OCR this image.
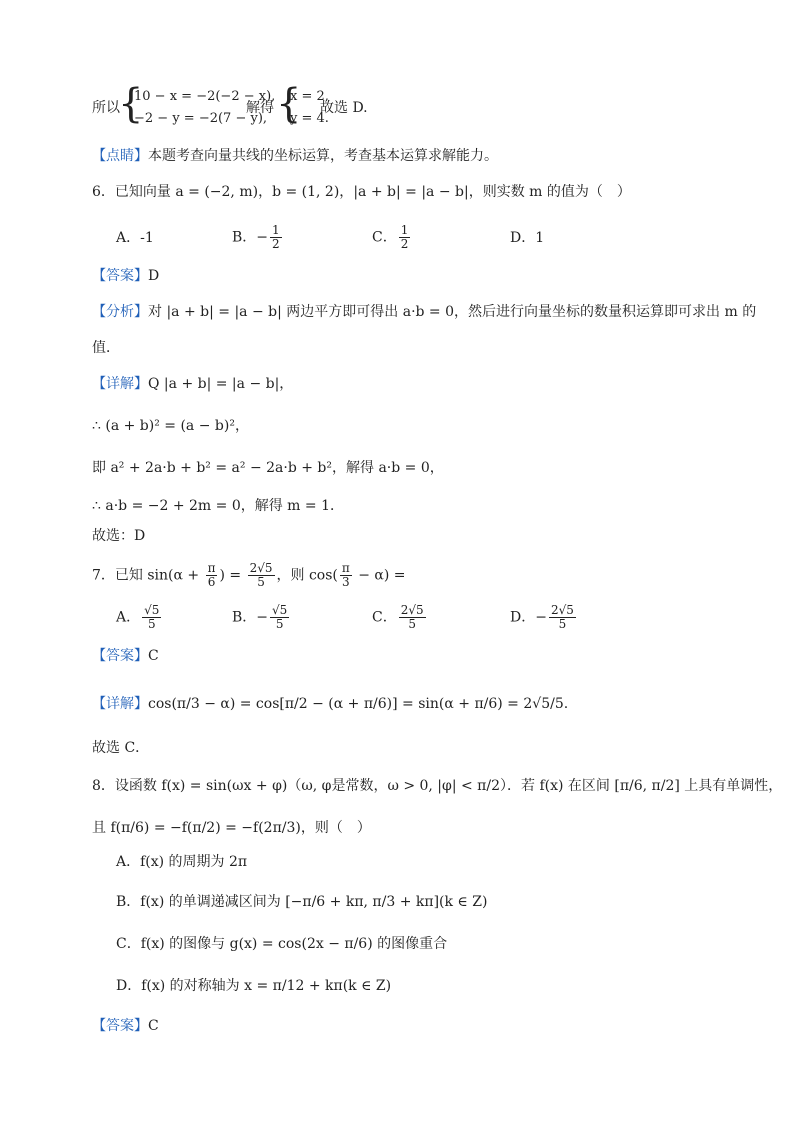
所以
{
10 − x = −2(−2 − x),
−2 − y = −2(7 − y),
解得 {
x = 2,
y = 4.
故选 D.
【点睛】本题考查向量共线的坐标运算，考查基本运算求解能力。
6．已知向量 a = (−2, m)，b = (1, 2)，|a + b| = |a − b|，则实数 m 的值为（　）
A．-1	B．− $\frac{1}{2}$	C． $\frac{1}{2}$	D．1
【答案】D
【分析】对 |a + b| = |a − b| 两边平方即可得出 a·b = 0，然后进行向量坐标的数量积运算即可求出 m 的
值．
【详解】Q |a + b| = |a − b|，
∴ (a + b)² = (a − b)²，
即 a² + 2a·b + b² = a² − 2a·b + b²，解得 a·b = 0，
∴ a·b = −2 + 2m = 0，解得 m = 1．
故选：D
7．已知 $\sin(\alpha + \frac{\pi}{6}$ ) = $\frac{2√5}{5}$ ，则 $\cos( \frac{\pi}{3} - \alpha)$ =
A． $\frac{√5}{5}$	B．− $\frac{√5}{5}$	C． $\frac{2√5}{5}$	D．− $\frac{2√5}{5}$
【答案】C
【详解】cos(π/3 − α) = cos[π/2 − (α + π/6)] = sin(α + π/6) = 2√5/5.
故选 C．
8．设函数 f(x) = sin(ωx + φ)（ω, φ是常数，ω > 0, |φ| < π/2）．若 f(x) 在区间 [π/6, π/2] 上具有单调性，
且 f(π/6) = −f(π/2) = −f(2π/3)，则（　）
A．f(x) 的周期为 2π
B．f(x) 的单调递减区间为 [−π/6 + kπ, π/3 + kπ](k ∈ Z)
C．f(x) 的图像与 g(x) = cos(2x − π/6) 的图像重合
D．f(x) 的对称轴为 x = π/12 + kπ(k ∈ Z)
【答案】C
